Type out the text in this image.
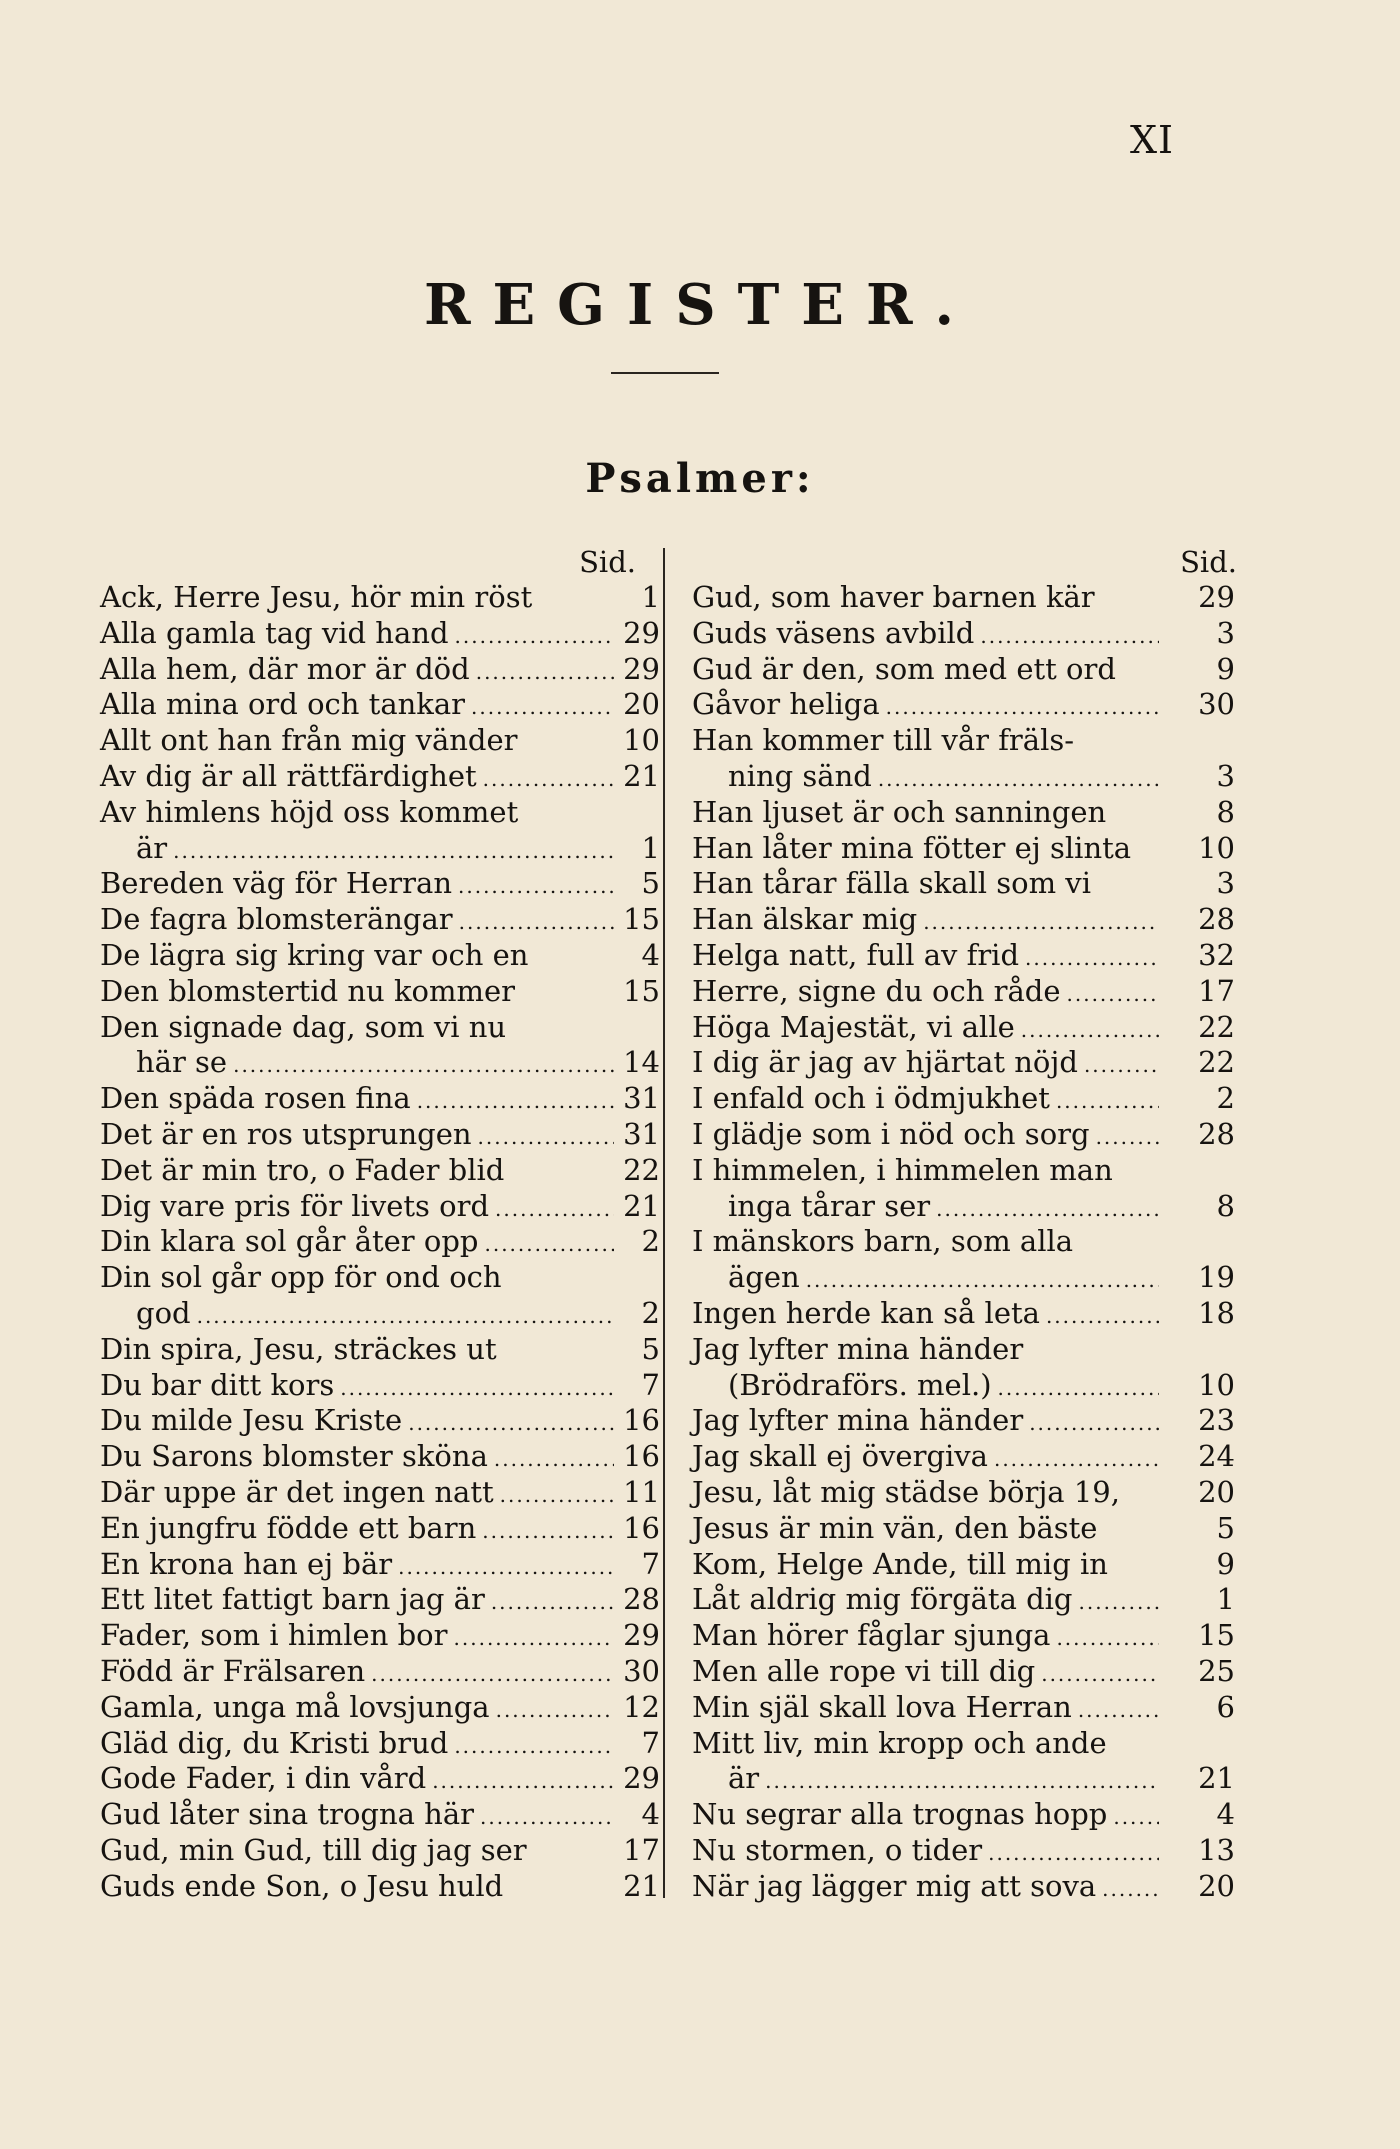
XI
REGISTER.
Psalmer:
Sid.
Ack, Herre Jesu, hör min röst	1
Alla gamla tag vid hand .....	29
Alla hem, där mor är död .....	29
Alla mina ord och tankar .....	20
Allt ont han från mig vänder	10
Av dig är all rättfärdighet .....	21
Av himlens höjd oss kommet
är .....	1
Bereden väg för Herran .....	5
De fagra blomsterängar .....	15
De lägra sig kring var och en	4
Den blomstertid nu kommer	15
Den signade dag, som vi nu
här se .....	14
Den späda rosen fina .....	31
Det är en ros utsprungen .....	31
Det är min tro, o Fader blid	22
Dig vare pris för livets ord .....	21
Din klara sol går åter opp .....	2
Din sol går opp för ond och
god .....	2
Din spira, Jesu, sträckes ut	5
Du bar ditt kors .....	7
Du milde Jesu Kriste .....	16
Du Sarons blomster sköna .....	16
Där uppe är det ingen natt .....	11
En jungfru födde ett barn .....	16
En krona han ej bär .....	7
Ett litet fattigt barn jag är .....	28
Fader, som i himlen bor .....	29
Född är Frälsaren .....	30
Gamla, unga må lovsjunga .....	12
Gläd dig, du Kristi brud .....	7
Gode Fader, i din vård .....	29
Gud låter sina trogna här .....	4
Gud, min Gud, till dig jag ser	17
Guds ende Son, o Jesu huld	21
Sid.
Gud, som haver barnen kär	29
Guds väsens avbild .....	3
Gud är den, som med ett ord	9
Gåvor heliga .....	30
Han kommer till vår fräls-
ning sänd .....	3
Han ljuset är och sanningen	8
Han låter mina fötter ej slinta	10
Han tårar fälla skall som vi	3
Han älskar mig .....	28
Helga natt, full av frid .....	32
Herre, signe du och råde .....	17
Höga Majestät, vi alle .....	22
I dig är jag av hjärtat nöjd .....	22
I enfald och i ödmjukhet .....	2
I glädje som i nöd och sorg .....	28
I himmelen, i himmelen man
inga tårar ser .....	8
I mänskors barn, som alla
ägen .....	19
Ingen herde kan så leta .....	18
Jag lyfter mina händer
(Brödraförs. mel.) .....	10
Jag lyfter mina händer .....	23
Jag skall ej övergiva .....	24
Jesu, låt mig städse börja 19,	20
Jesus är min vän, den bäste	5
Kom, Helge Ande, till mig in	9
Låt aldrig mig förgäta dig .....	1
Man hörer fåglar sjunga .....	15
Men alle rope vi till dig .....	25
Min själ skall lova Herran .....	6
Mitt liv, min kropp och ande
är .....	21
Nu segrar alla trognas hopp .....	4
Nu stormen, o tider .....	13
När jag lägger mig att sova .....	20
